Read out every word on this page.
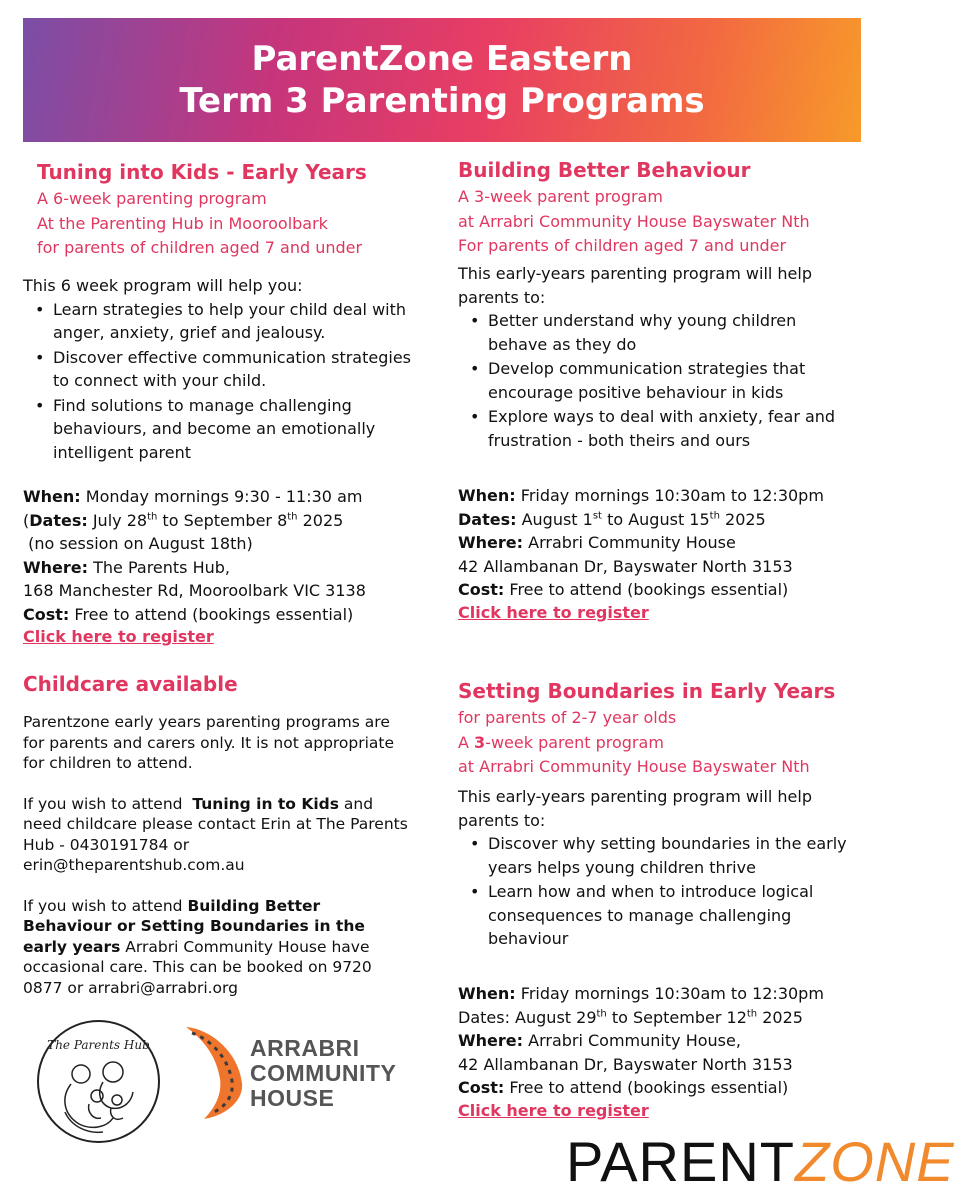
ParentZone Eastern
Term 3 Parenting Programs
Tuning into Kids - Early Years
A 6-week parenting program
At the Parenting Hub in Mooroolbark
for parents of children aged 7 and under
This 6 week program will help you:
• Learn strategies to help your child deal with anger, anxiety, grief and jealousy.
• Discover effective communication strategies to connect with your child.
• Find solutions to manage challenging behaviours, and become an emotionally intelligent parent
When: Monday mornings 9:30 - 11:30 am
(Dates: July 28th to September 8th 2025
(no session on August 18th)
Where: The Parents Hub,
168 Manchester Rd, Mooroolbark VIC 3138
Cost: Free to attend (bookings essential)
Click here to register
Childcare available

Parentzone early years parenting programs are for parents and carers only. It is not appropriate for children to attend.

If you wish to attend  Tuning in to Kids and need childcare please contact Erin at The Parents Hub - 0430191784 or erin@theparentshub.com.au

If you wish to attend Building Better Behaviour or Setting Boundaries in the early years Arrabri Community House have occasional care. This can be booked on 9720 0877 or arrabri@arrabri.org

The Parents Hub	ARRABRI
COMMUNITY
HOUSE
Building Better Behaviour
A 3-week parent program
at Arrabri Community House Bayswater Nth
For parents of children aged 7 and under
This early-years parenting program will help parents to:
• Better understand why young children behave as they do
• Develop communication strategies that encourage positive behaviour in kids
• Explore ways to deal with anxiety, fear and frustration - both theirs and ours
When: Friday mornings 10:30am to 12:30pm
Dates: August 1st to August 15th 2025
Where: Arrabri Community House
42 Allambanan Dr, Bayswater North 3153
Cost: Free to attend (bookings essential)
Click here to register
Setting Boundaries in Early Years
for parents of 2-7 year olds
A 3-week parent program
at Arrabri Community House Bayswater Nth
This early-years parenting program will help parents to:
• Discover why setting boundaries in the early years helps young children thrive
• Learn how and when to introduce logical consequences to manage challenging behaviour
When: Friday mornings 10:30am to 12:30pm
Dates: August 29th to September 12th 2025
Where: Arrabri Community House,
42 Allambanan Dr, Bayswater North 3153
Cost: Free to attend (bookings essential)
Click here to register
PARENTZONE
